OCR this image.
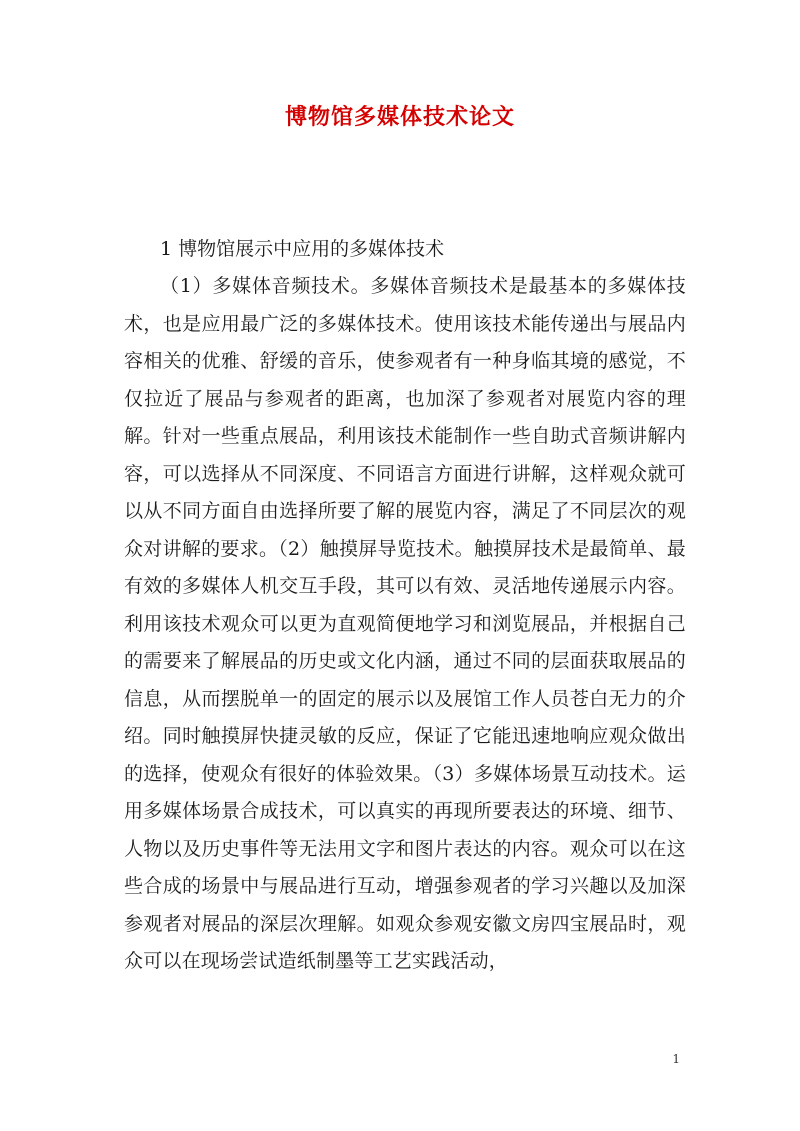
博物馆多媒体技术论文

1 博物馆展示中应用的多媒体技术

（1）多媒体音频技术。多媒体音频技术是最基本的多媒体技术，也是应用最广泛的多媒体技术。使用该技术能传递出与展品内容相关的优雅、舒缓的音乐，使参观者有一种身临其境的感觉，不仅拉近了展品与参观者的距离，也加深了参观者对展览内容的理解。针对一些重点展品，利用该技术能制作一些自助式音频讲解内容，可以选择从不同深度、不同语言方面进行讲解，这样观众就可以从不同方面自由选择所要了解的展览内容，满足了不同层次的观众对讲解的要求。（2）触摸屏导览技术。触摸屏技术是最简单、最有效的多媒体人机交互手段，其可以有效、灵活地传递展示内容。利用该技术观众可以更为直观简便地学习和浏览展品，并根据自己的需要来了解展品的历史或文化内涵，通过不同的层面获取展品的信息，从而摆脱单一的固定的展示以及展馆工作人员苍白无力的介绍。同时触摸屏快捷灵敏的反应，保证了它能迅速地响应观众做出的选择，使观众有很好的体验效果。（3）多媒体场景互动技术。运用多媒体场景合成技术，可以真实的再现所要表达的环境、细节、人物以及历史事件等无法用文字和图片表达的内容。观众可以在这些合成的场景中与展品进行互动，增强参观者的学习兴趣以及加深参观者对展品的深层次理解。如观众参观安徽文房四宝展品时，观众可以在现场尝试造纸制墨等工艺实践活动，

1
